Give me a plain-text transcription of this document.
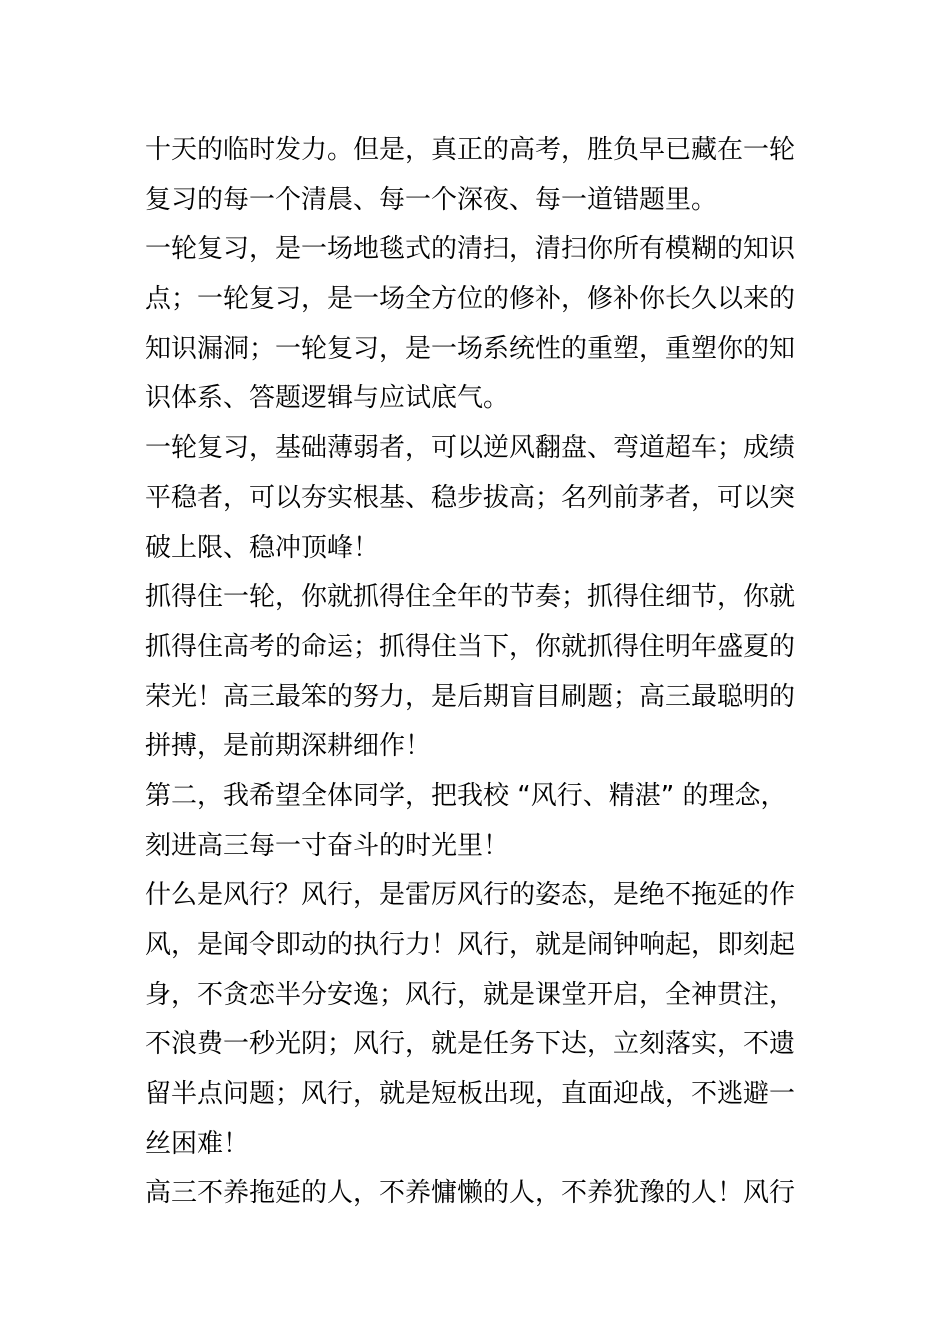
十天的临时发力。但是，真正的高考，胜负早已藏在一轮
复习的每一个清晨、每一个深夜、每一道错题里。
一轮复习，是一场地毯式的清扫，清扫你所有模糊的知识
点；一轮复习，是一场全方位的修补，修补你长久以来的
知识漏洞；一轮复习，是一场系统性的重塑，重塑你的知
识体系、答题逻辑与应试底气。
一轮复习，基础薄弱者，可以逆风翻盘、弯道超车；成绩
平稳者，可以夯实根基、稳步拔高；名列前茅者，可以突
破上限、稳冲顶峰！
抓得住一轮，你就抓得住全年的节奏；抓得住细节，你就
抓得住高考的命运；抓得住当下，你就抓得住明年盛夏的
荣光！高三最笨的努力，是后期盲目刷题；高三最聪明的
拼搏，是前期深耕细作！
第二，我希望全体同学，把我校 “风行、精湛” 的理念，
刻进高三每一寸奋斗的时光里！
什么是风行？风行，是雷厉风行的姿态，是绝不拖延的作
风，是闻令即动的执行力！风行，就是闹钟响起，即刻起
身，不贪恋半分安逸；风行，就是课堂开启，全神贯注，
不浪费一秒光阴；风行，就是任务下达，立刻落实，不遗
留半点问题；风行，就是短板出现，直面迎战，不逃避一
丝困难！
高三不养拖延的人，不养慵懒的人，不养犹豫的人！风行
